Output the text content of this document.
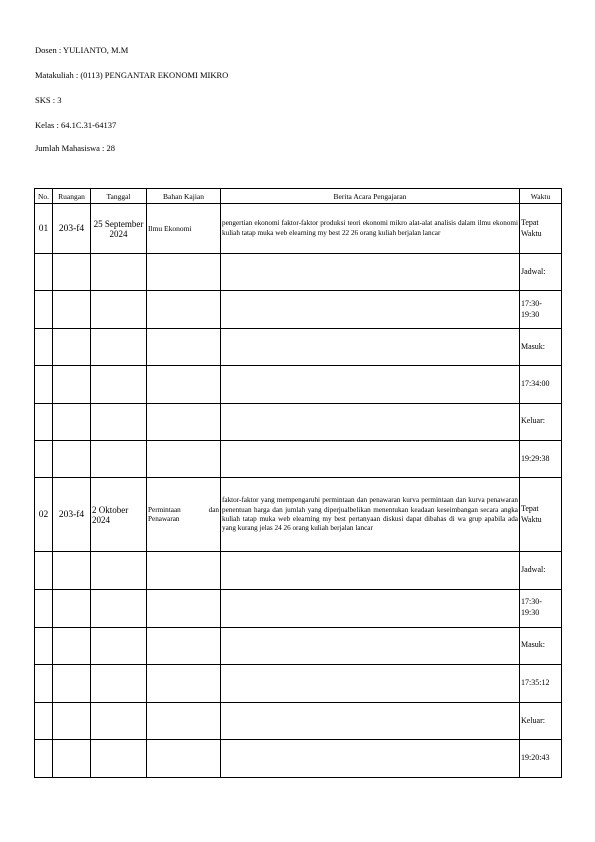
Dosen : YULIANTO, M.M
Matakuliah : (0113) PENGANTAR EKONOMI MIKRO
SKS : 3
Kelas : 64.1C.31-64137
Jumlah Mahasiswa : 28
No.	Ruangan	Tanggal	Bahan Kajian	Berita Acara Pengajaran	Waktu
01	203-f4	25 September 2024	Ilmu Ekonomi	pengertian ekonomi faktor-faktor produksi teori ekonomi mikro alat-alat analisis dalam ilmu ekonomi kuliah tatap muka web elearning my best 22 26 orang kuliah berjalan lancar	Tepat Waktu
					Jadwal:
					17:30-19:30
					Masuk:
					17:34:00
					Keluar:
					19:29:38
02	203-f4	2 Oktober 2024	Permintaan dan Penawaran	faktor-faktor yang mempengaruhi permintaan dan penawaran kurva permintaan dan kurva penawaran penentuan harga dan jumlah yang diperjualbelikan menentukan keadaan keseimbangan secara angka kuliah tatap muka web elearning my best pertanyaan diskusi dapat dibahas di wa grup apabila ada yang kurang jelas 24 26 orang kuliah berjalan lancar	Tepat Waktu
					Jadwal:
					17:30-19:30
					Masuk:
					17:35:12
					Keluar:
					19:20:43
